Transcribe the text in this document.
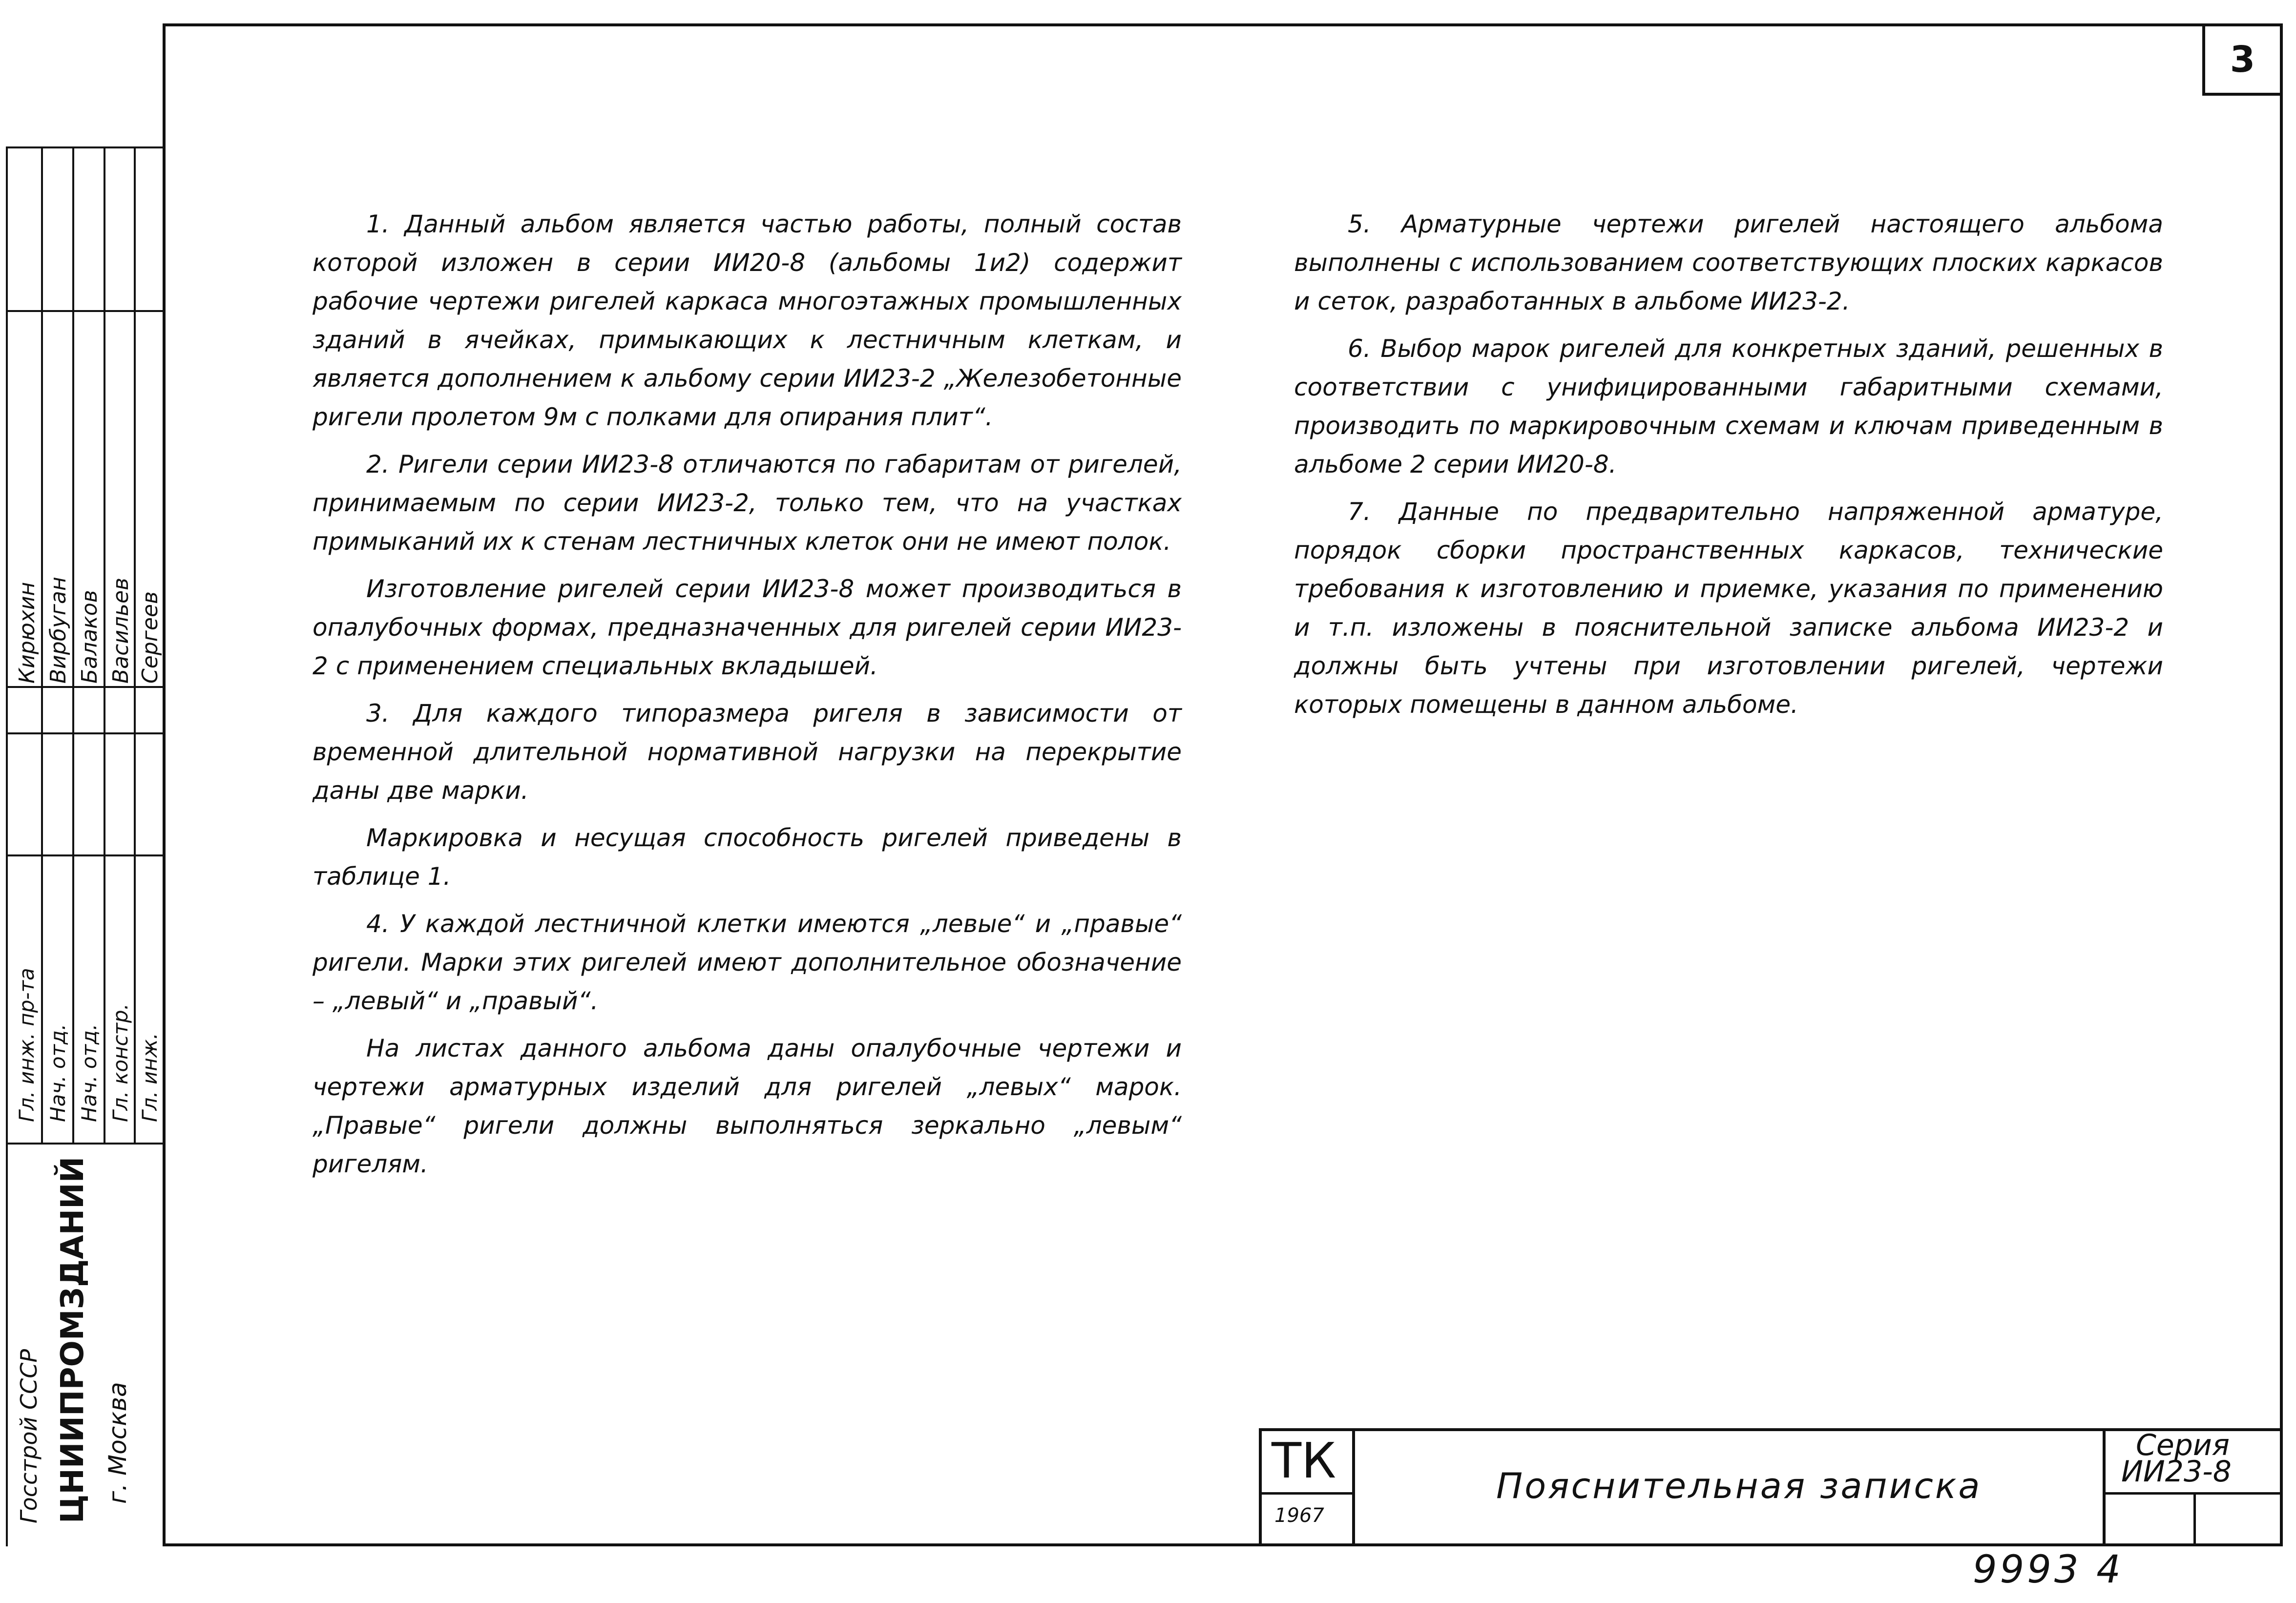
3
Гл. инж. пр-та Нач. отд. Нач. отд. Гл. констр. Гл. инж.
Кирюхин Вирбуган Балаков Васильев Сергеев
Госстрой СССР ЦНИИПРОМЗДАНИЙ г. Москва

1. Данный альбом является частью работы, полный состав которой изложен в серии ИИ20-8 (альбомы 1и2) содержит рабочие чертежи ригелей каркаса многоэтажных промышленных зданий в ячейках, примыкающих к лестничным клеткам, и является дополнением к альбому серии ИИ23-2 „Железобетонные ригели пролетом 9м с полками для опирания плит“.

2. Ригели серии ИИ23-8 отличаются по габаритам от ригелей, принимаемым по серии ИИ23-2, только тем, что на участках примыканий их к стенам лестничных клеток они не имеют полок.

Изготовление ригелей серии ИИ23-8 может производиться в опалубочных формах, предназначенных для ригелей серии ИИ23-2 с применением специальных вкладышей.

3. Для каждого типоразмера ригеля в зависимости от временной длительной нормативной нагрузки на перекрытие даны две марки.

Маркировка и несущая способность ригелей приведены в таблице 1.

4. У каждой лестничной клетки имеются „левые“ и „правые“ ригели. Марки этих ригелей имеют дополнительное обозначение – „левый“ и „правый“.

На листах данного альбома даны опалубочные чертежи и чертежи арматурных изделий для ригелей „левых“ марок. „Правые“ ригели должны выполняться зеркально „левым“ ригелям.

5. Арматурные чертежи ригелей настоящего альбома выполнены с использованием соответствующих плоских каркасов и сеток, разработанных в альбоме ИИ23-2.

6. Выбор марок ригелей для конкретных зданий, решенных в соответствии с унифицированными габаритными схемами, производить по маркировочным схемам и ключам приведенным в альбоме 2 серии ИИ20-8.

7. Данные по предварительно напряженной арматуре, порядок сборки пространственных каркасов, технические требования к изготовлению и приемке, указания по применению и т.п. изложены в пояснительной записке альбома ИИ23-2 и должны быть учтены при изготовлении ригелей, чертежи которых помещены в данном альбоме.

ТК
1967
Пояснительная записка
Серия
ИИ23-8
9993 4
